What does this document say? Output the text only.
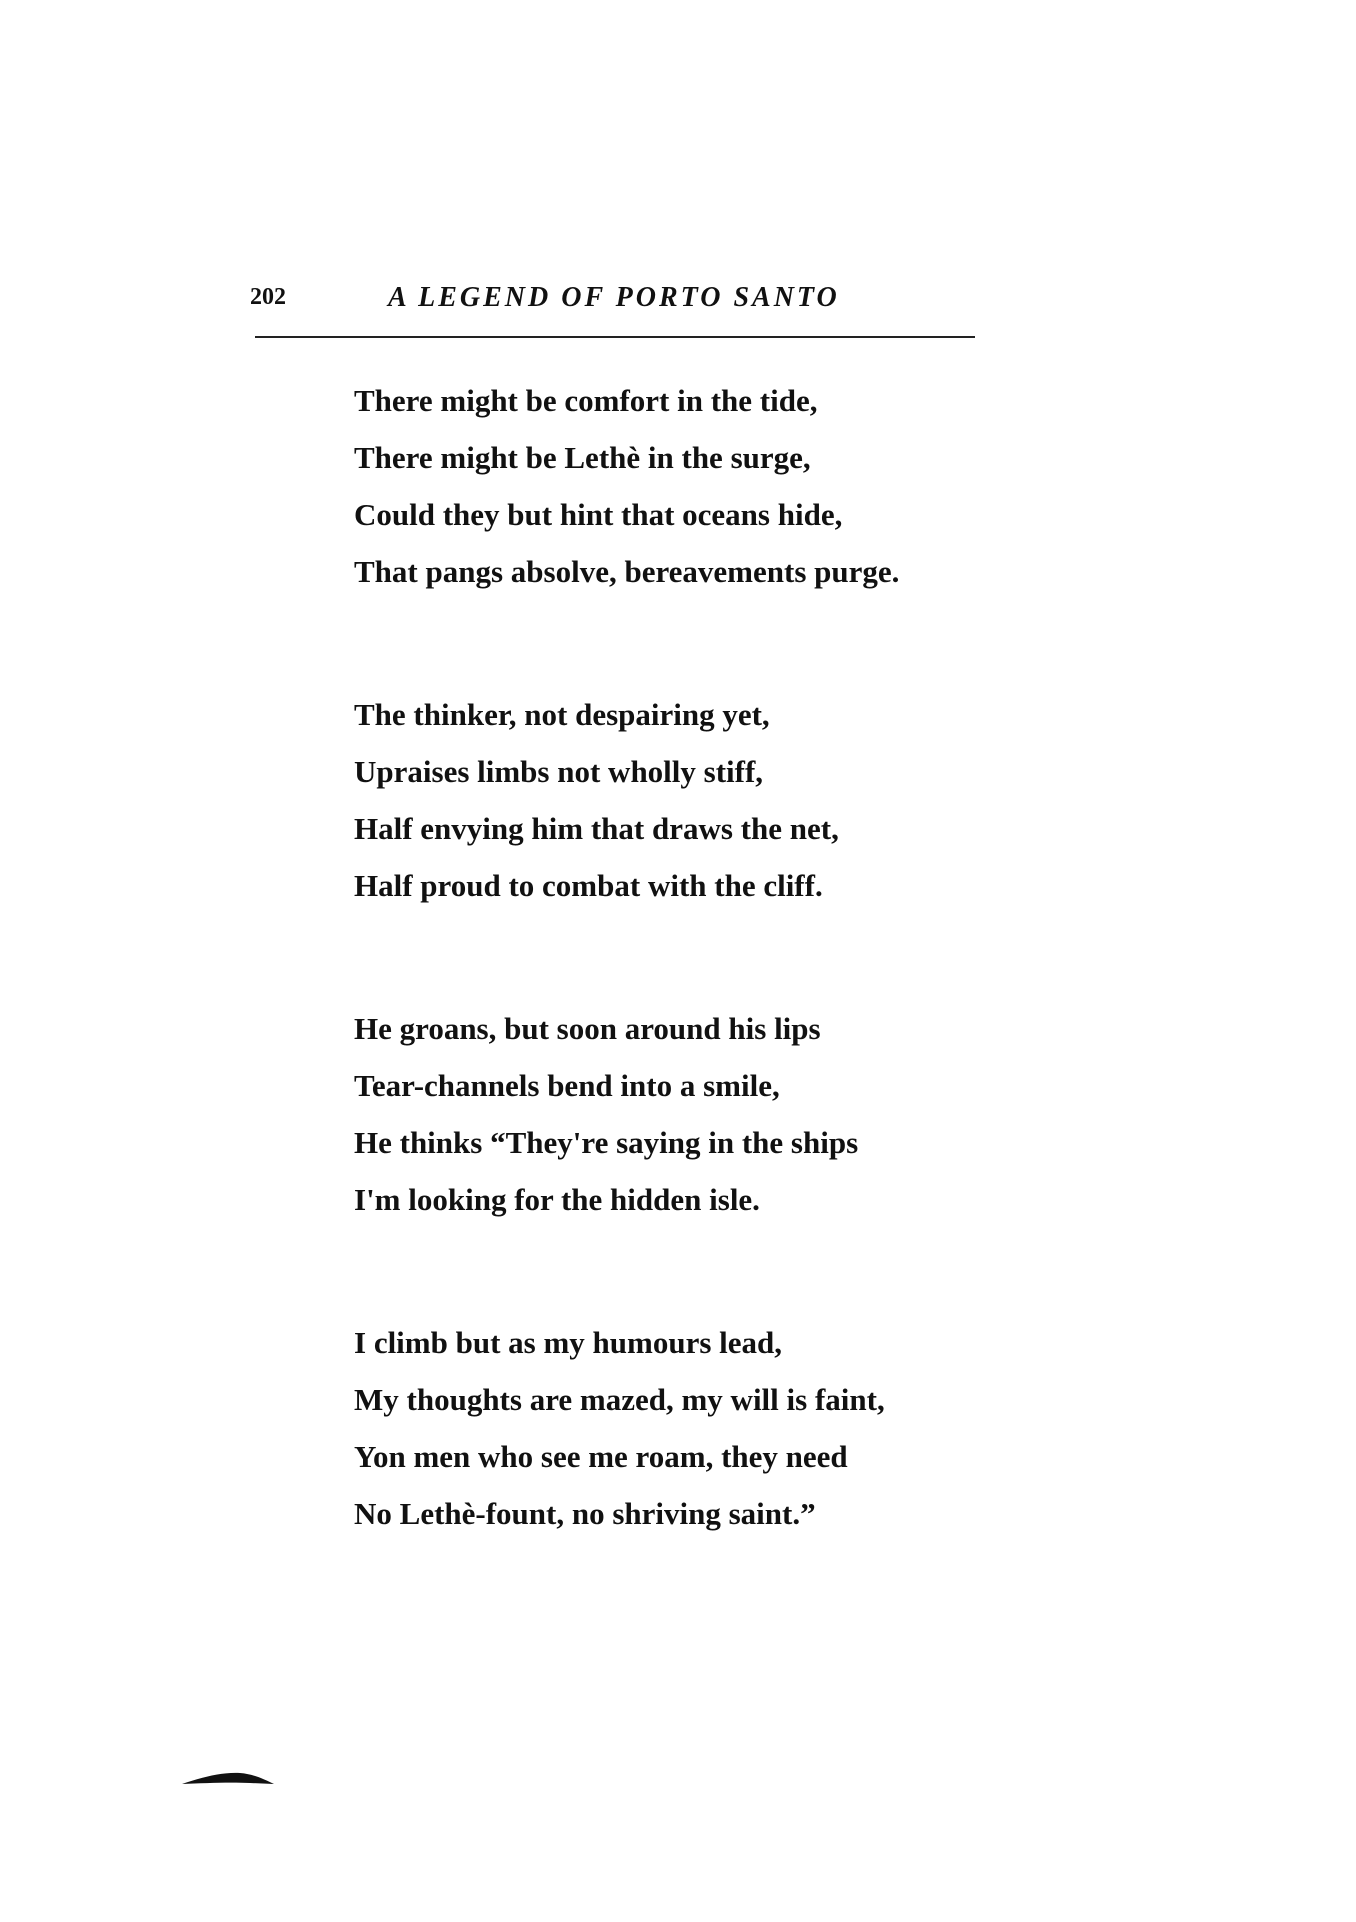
202	A LEGEND OF PORTO SANTO
There might be comfort in the tide,
There might be Lethè in the surge,
Could they but hint that oceans hide,
That pangs absolve, bereavements purge.
The thinker, not despairing yet,
Upraises limbs not wholly stiff,
Half envying him that draws the net,
Half proud to combat with the cliff.
He groans, but soon around his lips
Tear-channels bend into a smile,
He thinks “They're saying in the ships
I'm looking for the hidden isle.
I climb but as my humours lead,
My thoughts are mazed, my will is faint,
Yon men who see me roam, they need
No Lethè-fount, no shriving saint.”
